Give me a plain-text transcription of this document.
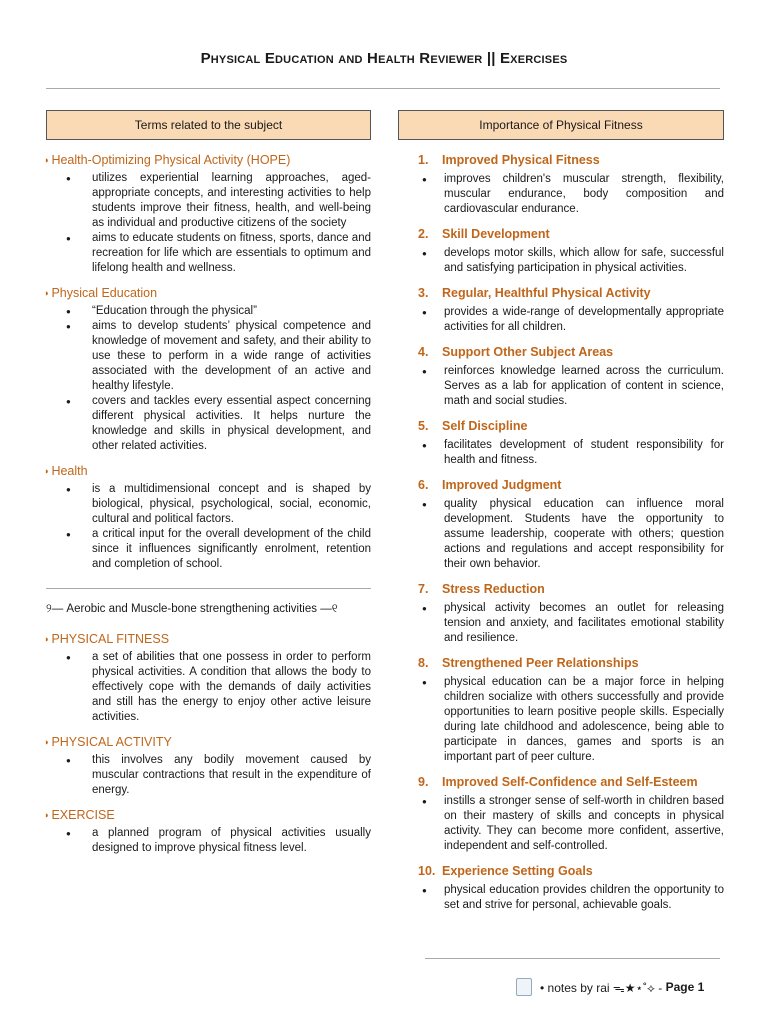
Physical Education and Health Reviewer || Exercises
Terms related to the subject
◗ Health-Optimizing Physical Activity (HOPE)
● utilizes experiential learning approaches, aged-appropriate concepts, and interesting activities to help students improve their fitness, health, and well-being as individual and productive citizens of the society
● aims to educate students on fitness, sports, dance and recreation for life which are essentials to optimum and lifelong health and wellness.
◗ Physical Education
● “Education through the physical”
● aims to develop students’ physical competence and knowledge of movement and safety, and their ability to use these to perform in a wide range of activities associated with the development of an active and healthy lifestyle.
● covers and tackles every essential aspect concerning different physical activities. It helps nurture the knowledge and skills in physical development, and other related activities.
◗ Health
● is a multidimensional concept and is shaped by biological, physical, psychological, social, economic, cultural and political factors.
● a critical input for the overall development of the child since it influences significantly enrolment, retention and completion of school.
୨— Aerobic and Muscle-bone strengthening activities —୧
◗ PHYSICAL FITNESS
● a set of abilities that one possess in order to perform physical activities. A condition that allows the body to effectively cope with the demands of daily activities and still has the energy to enjoy other active leisure activities.
◗ PHYSICAL ACTIVITY
● this involves any bodily movement caused by muscular contractions that result in the expenditure of energy.
◗ EXERCISE
● a planned program of physical activities usually designed to improve physical fitness level.
Importance of Physical Fitness
1.	Improved Physical Fitness
● improves children's muscular strength, flexibility, muscular endurance, body composition and cardiovascular endurance.
2.	Skill Development
● develops motor skills, which allow for safe, successful and satisfying participation in physical activities.
3.	Regular, Healthful Physical Activity
● provides a wide-range of developmentally appropriate activities for all children.
4.	Support Other Subject Areas
● reinforces knowledge learned across the curriculum. Serves as a lab for application of content in science, math and social studies.
5.	Self Discipline
● facilitates development of student responsibility for health and fitness.
6.	Improved Judgment
● quality physical education can influence moral development. Students have the opportunity to assume leadership, cooperate with others; question actions and regulations and accept responsibility for their own behavior.
7.	Stress Reduction
● physical activity becomes an outlet for releasing tension and anxiety, and facilitates emotional stability and resilience.
8.	Strengthened Peer Relationships
● physical education can be a major force in helping children socialize with others successfully and provide opportunities to learn positive people skills. Especially during late childhood and adolescence, being able to participate in dances, games and sports is an important part of peer culture.
9.	Improved Self-Confidence and Self-Esteem
● instills a stronger sense of self-worth in children based on their mastery of skills and concepts in physical activity. They can become more confident, assertive, independent and self-controlled.
10. Experience Setting Goals
● physical education provides children the opportunity to set and strive for personal, achievable goals.
• notes by rai ᯓ★⋆˚⟡ -
Page 1
